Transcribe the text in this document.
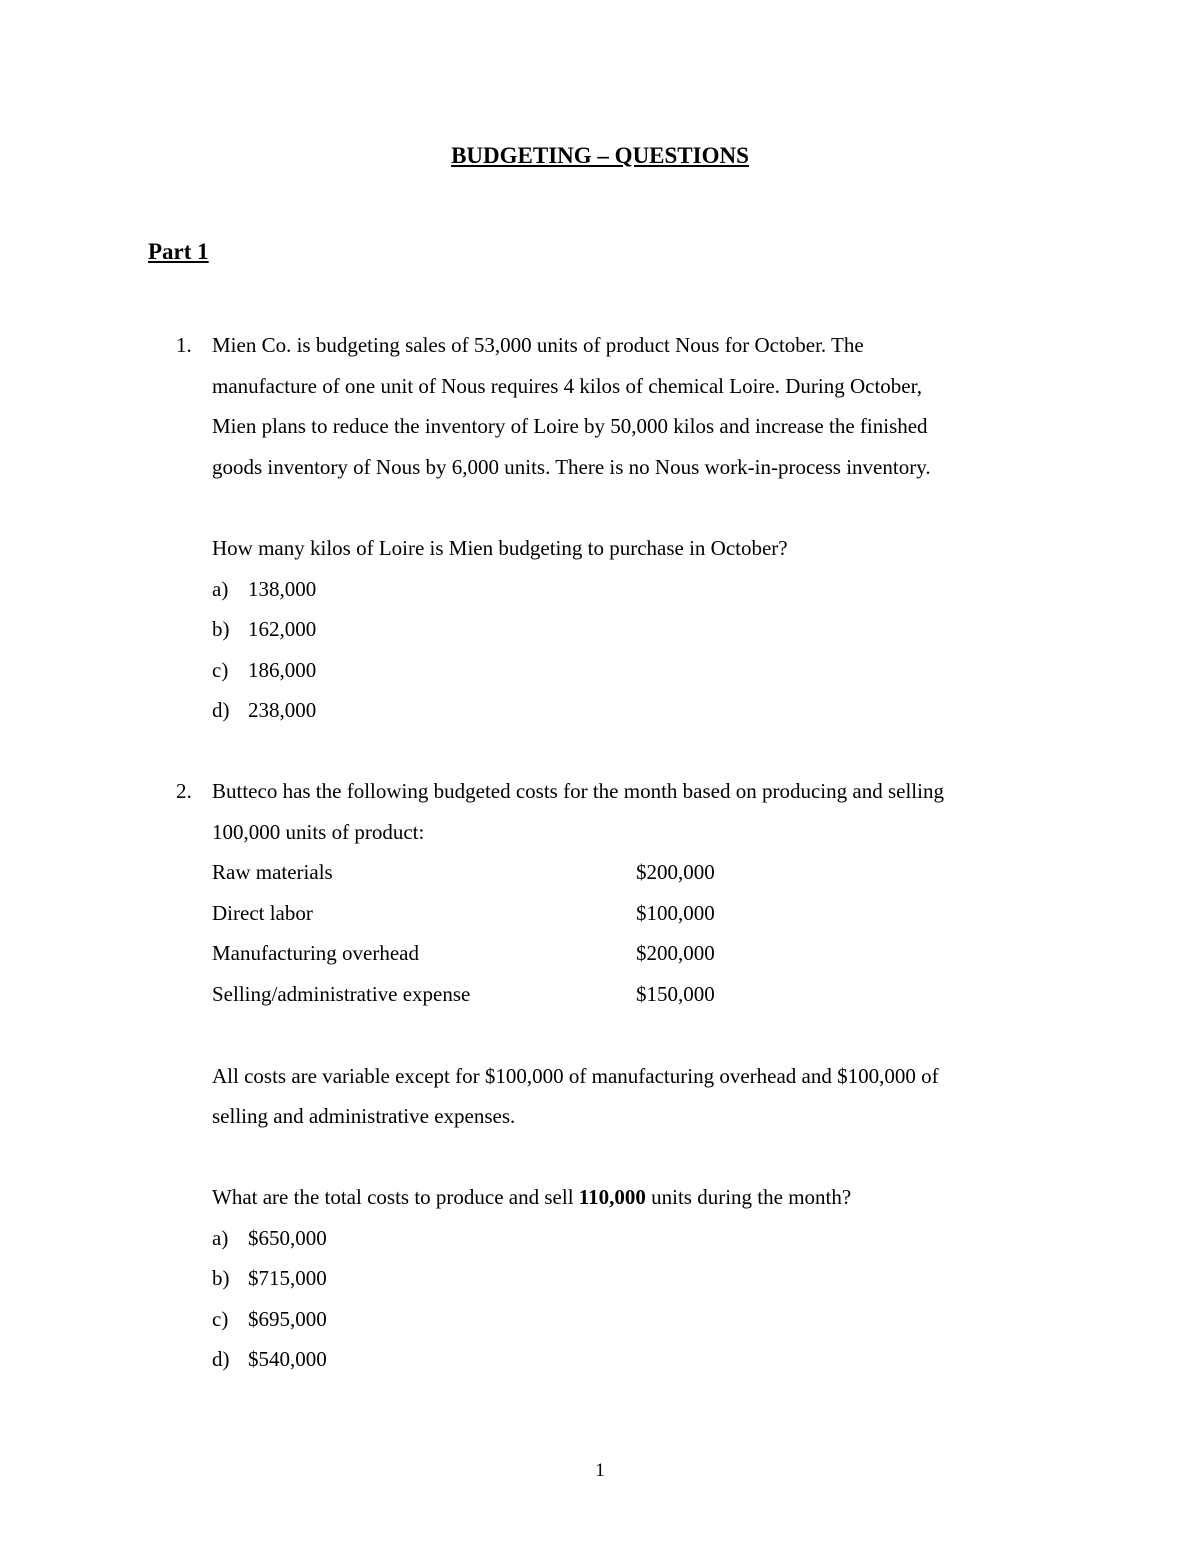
BUDGETING – QUESTIONS
Part 1
1. Mien Co. is budgeting sales of 53,000 units of product Nous for October. The
manufacture of one unit of Nous requires 4 kilos of chemical Loire. During October,
Mien plans to reduce the inventory of Loire by 50,000 kilos and increase the finished
goods inventory of Nous by 6,000 units. There is no Nous work-in-process inventory.
How many kilos of Loire is Mien budgeting to purchase in October?
a) 138,000
b) 162,000
c) 186,000
d) 238,000
2. Butteco has the following budgeted costs for the month based on producing and selling
100,000 units of product:
Raw materials	$200,000
Direct labor	$100,000
Manufacturing overhead	$200,000
Selling/administrative expense	$150,000
All costs are variable except for $100,000 of manufacturing overhead and $100,000 of
selling and administrative expenses.
What are the total costs to produce and sell 110,000 units during the month?
a) $650,000
b) $715,000
c) $695,000
d) $540,000
1
